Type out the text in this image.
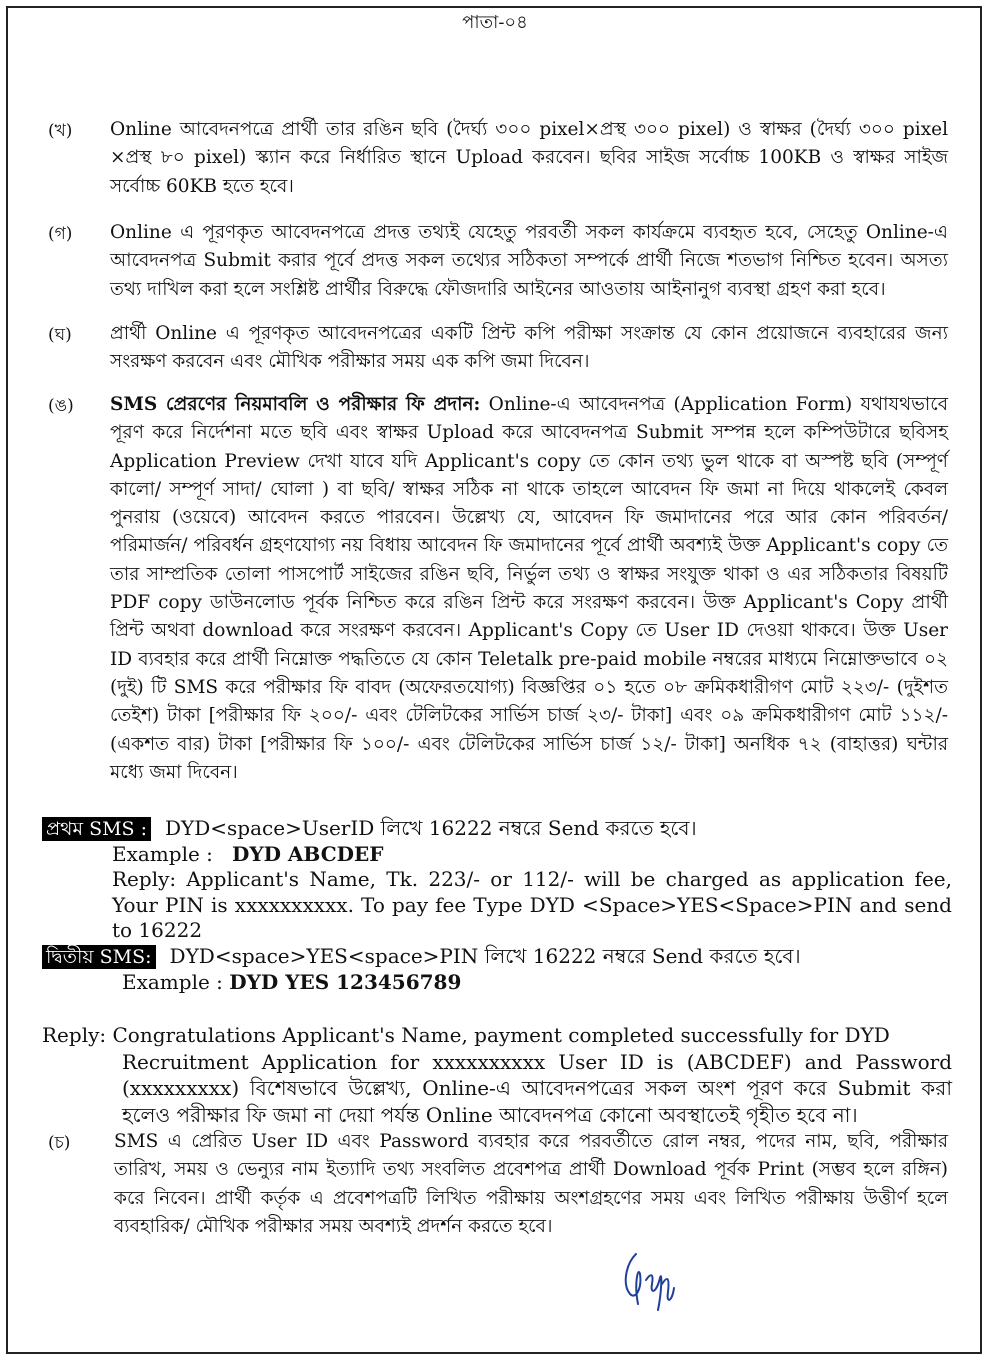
পাতা-০৪
(খ)	Online আবেদনপত্রে প্রার্থী তার রঙিন ছবি (দৈর্ঘ্য ৩০০ pixel×প্রস্থ ৩০০ pixel) ও স্বাক্ষর (দৈর্ঘ্য ৩০০ pixel ×প্রস্থ ৮০ pixel) স্ক্যান করে নির্ধারিত স্থানে Upload করবেন। ছবির সাইজ সর্বোচ্চ 100KB ও স্বাক্ষর সাইজ সর্বোচ্চ 60KB হতে হবে।
(গ)	Online এ পূরণকৃত আবেদনপত্রে প্রদত্ত তথ্যই যেহেতু পরবর্তী সকল কার্যক্রমে ব্যবহৃত হবে, সেহেতু Online-এ আবেদনপত্র Submit করার পূর্বে প্রদত্ত সকল তথ্যের সঠিকতা সম্পর্কে প্রার্থী নিজে শতভাগ নিশ্চিত হবেন। অসত্য তথ্য দাখিল করা হলে সংশ্লিষ্ট প্রার্থীর বিরুদ্ধে ফৌজদারি আইনের আওতায় আইনানুগ ব্যবস্থা গ্রহণ করা হবে।
(ঘ)	প্রার্থী Online এ পূরণকৃত আবেদনপত্রের একটি প্রিন্ট কপি পরীক্ষা সংক্রান্ত যে কোন প্রয়োজনে ব্যবহারের জন্য সংরক্ষণ করবেন এবং মৌখিক পরীক্ষার সময় এক কপি জমা দিবেন।
(ঙ)	SMS প্রেরণের নিয়মাবলি ও পরীক্ষার ফি প্রদান: Online-এ আবেদনপত্র (Application Form) যথাযথভাবে পূরণ করে নির্দেশনা মতে ছবি এবং স্বাক্ষর Upload করে আবেদনপত্র Submit সম্পন্ন হলে কম্পিউটারে ছবিসহ Application Preview দেখা যাবে যদি Applicant's copy তে কোন তথ্য ভুল থাকে বা অস্পষ্ট ছবি (সম্পূর্ণ কালো/ সম্পূর্ণ সাদা/ ঘোলা ) বা ছবি/ স্বাক্ষর সঠিক না থাকে তাহলে আবেদন ফি জমা না দিয়ে থাকলেই কেবল পুনরায় (ওয়েবে) আবেদন করতে পারবেন। উল্লেখ্য যে, আবেদন ফি জমাদানের পরে আর কোন পরিবর্তন/ পরিমার্জন/ পরিবর্ধন গ্রহণযোগ্য নয় বিধায় আবেদন ফি জমাদানের পূর্বে প্রার্থী অবশ্যই উক্ত Applicant's copy তে তার সাম্প্রতিক তোলা পাসপোর্ট সাইজের রঙিন ছবি, নির্ভুল তথ্য ও স্বাক্ষর সংযুক্ত থাকা ও এর সঠিকতার বিষয়টি PDF copy ডাউনলোড পূর্বক নিশ্চিত করে রঙিন প্রিন্ট করে সংরক্ষণ করবেন। উক্ত Applicant's Copy প্রার্থী প্রিন্ট অথবা download করে সংরক্ষণ করবেন। Applicant's Copy তে User ID দেওয়া থাকবে। উক্ত User ID ব্যবহার করে প্রার্থী নিম্নোক্ত পদ্ধতিতে যে কোন Teletalk pre-paid mobile নম্বরের মাধ্যমে নিম্নোক্তভাবে ০২ (দুই) টি SMS করে পরীক্ষার ফি বাবদ (অফেরতযোগ্য) বিজ্ঞপ্তির ০১ হতে ০৮ ক্রমিকধারীগণ মোট ২২৩/- (দুইশত তেইশ) টাকা [পরীক্ষার ফি ২০০/- এবং টেলিটকের সার্ভিস চার্জ ২৩/- টাকা] এবং ০৯ ক্রমিকধারীগণ মোট ১১২/- (একশত বার) টাকা [পরীক্ষার ফি ১০০/- এবং টেলিটকের সার্ভিস চার্জ ১২/- টাকা] অনধিক ৭২ (বাহাত্তর) ঘন্টার মধ্যে জমা দিবেন।
প্রথম SMS : DYD<space>UserID লিখে 16222 নম্বরে Send করতে হবে।
Example : DYD ABCDEF
Reply: Applicant's Name, Tk. 223/- or 112/- will be charged as application fee, Your PIN is xxxxxxxxxx. To pay fee Type DYD <Space>YES<Space>PIN and send to 16222
দ্বিতীয় SMS: DYD<space>YES<space>PIN লিখে 16222 নম্বরে Send করতে হবে।
Example : DYD YES 123456789
Reply: Congratulations Applicant's Name, payment completed successfully for DYD
Recruitment Application for xxxxxxxxxx User ID is (ABCDEF) and Password (xxxxxxxxx) বিশেষভাবে উল্লেখ্য, Online-এ আবেদনপত্রের সকল অংশ পূরণ করে Submit করা হলেও পরীক্ষার ফি জমা না দেয়া পর্যন্ত Online আবেদনপত্র কোনো অবস্থাতেই গৃহীত হবে না।
(চ)	SMS এ প্রেরিত User ID এবং Password ব্যবহার করে পরবর্তীতে রোল নম্বর, পদের নাম, ছবি, পরীক্ষার তারিখ, সময় ও ভেন্যুর নাম ইত্যাদি তথ্য সংবলিত প্রবেশপত্র প্রার্থী Download পূর্বক Print (সম্ভব হলে রঙ্গিন) করে নিবেন। প্রার্থী কর্তৃক এ প্রবেশপত্রটি লিখিত পরীক্ষায় অংশগ্রহণের সময় এবং লিখিত পরীক্ষায় উত্তীর্ণ হলে ব্যবহারিক/ মৌখিক পরীক্ষার সময় অবশ্যই প্রদর্শন করতে হবে।
